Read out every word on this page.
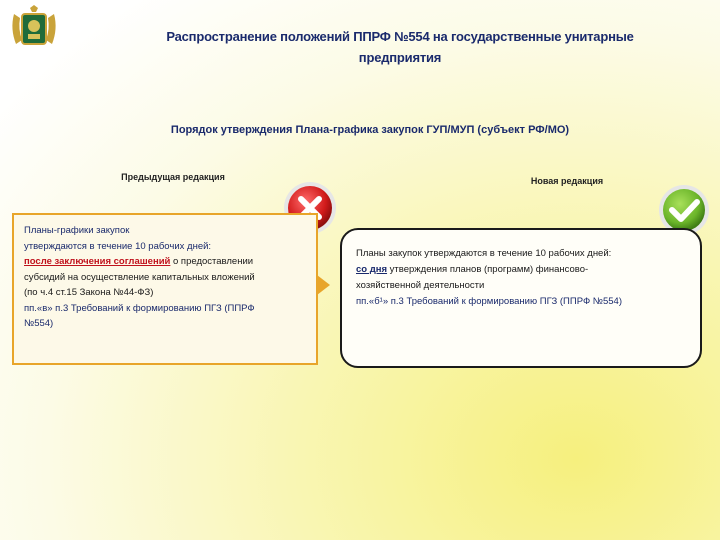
Распространение положений ППРФ №554 на государственные унитарные
предприятия
Порядок утверждения Плана-графика закупок ГУП/МУП (субъект РФ/МО)
Предыдущая редакция	Новая редакция
Планы-графики закупок
утверждаются в течение 10 рабочих дней:
после заключения соглашений о предоставлении
субсидий на осуществление капитальных вложений
(по ч.4 ст.15 Закона №44-ФЗ)
пп.«в» п.3 Требований к формированию ПГЗ (ППРФ
№554)
Планы закупок утверждаются в течение 10 рабочих дней:
со дня утверждения планов (программ) финансово-
хозяйственной деятельности
пп.«б¹» п.3 Требований к формированию ПГЗ (ППРФ №554)
